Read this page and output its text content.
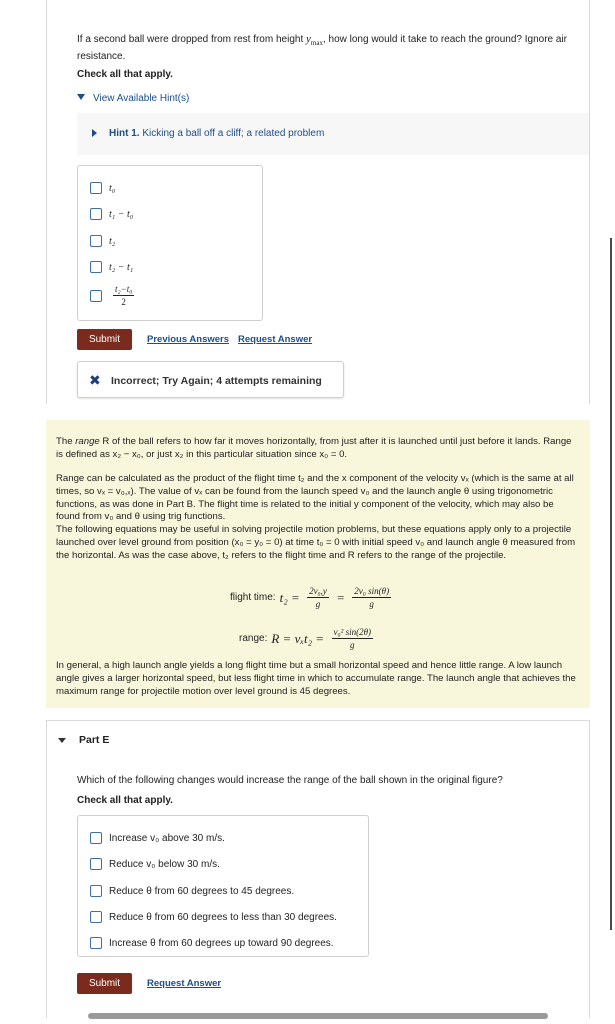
If a second ball were dropped from rest from height $y_{max}$, how long would it take to reach the ground? Ignore air resistance.
Check all that apply.
View Available Hint(s)
Hint 1. Kicking a ball off a cliff; a related problem
t₀
t₁ − t₀
t₂
t₂ − t₁
$\frac{\text{t₂−t₀}}{2}$
Submit	Previous Answers Request Answer
✖ Incorrect; Try Again; 4 attempts remaining
The range R of the ball refers to how far it moves horizontally, from just after it is launched until just before it lands. Range is defined as x₂ − x₀, or just x₂ in this particular situation since x₀ = 0.
Range can be calculated as the product of the flight time t₂ and the x component of the velocity vₓ (which is the same at all times, so vₓ = v₀,ₓ). The value of vₓ can be found from the launch speed v₀ and the launch angle θ using trigonometric functions, as was done in Part B. The flight time is related to the initial y component of the velocity, which may also be found from v₀ and θ using trig functions.
The following equations may be useful in solving projectile motion problems, but these equations apply only to a projectile launched over level ground from position (x₀ = y₀ = 0) at time t₀ = 0 with initial speed v₀ and launch angle θ measured from the horizontal. As was the case above, t₂ refers to the flight time and R refers to the range of the projectile.
flight time: $t_2 = \frac{\text{2v₀,y}}{g} = \frac{\text{2v₀ sin(θ)}}{g}$
range: $R = v_xt_2 = \frac{\text{v₀² sin(2θ)}}{g}$
In general, a high launch angle yields a long flight time but a small horizontal speed and hence little range. A low launch angle gives a larger horizontal speed, but less flight time in which to accumulate range. The launch angle that achieves the maximum range for projectile motion over level ground is 45 degrees.
Part E
Which of the following changes would increase the range of the ball shown in the original figure?
Check all that apply.
Increase v₀ above 30 m/s.
Reduce v₀ below 30 m/s.
Reduce θ from 60 degrees to 45 degrees.
Reduce θ from 60 degrees to less than 30 degrees.
Increase θ from 60 degrees up toward 90 degrees.
Submit	Request Answer
